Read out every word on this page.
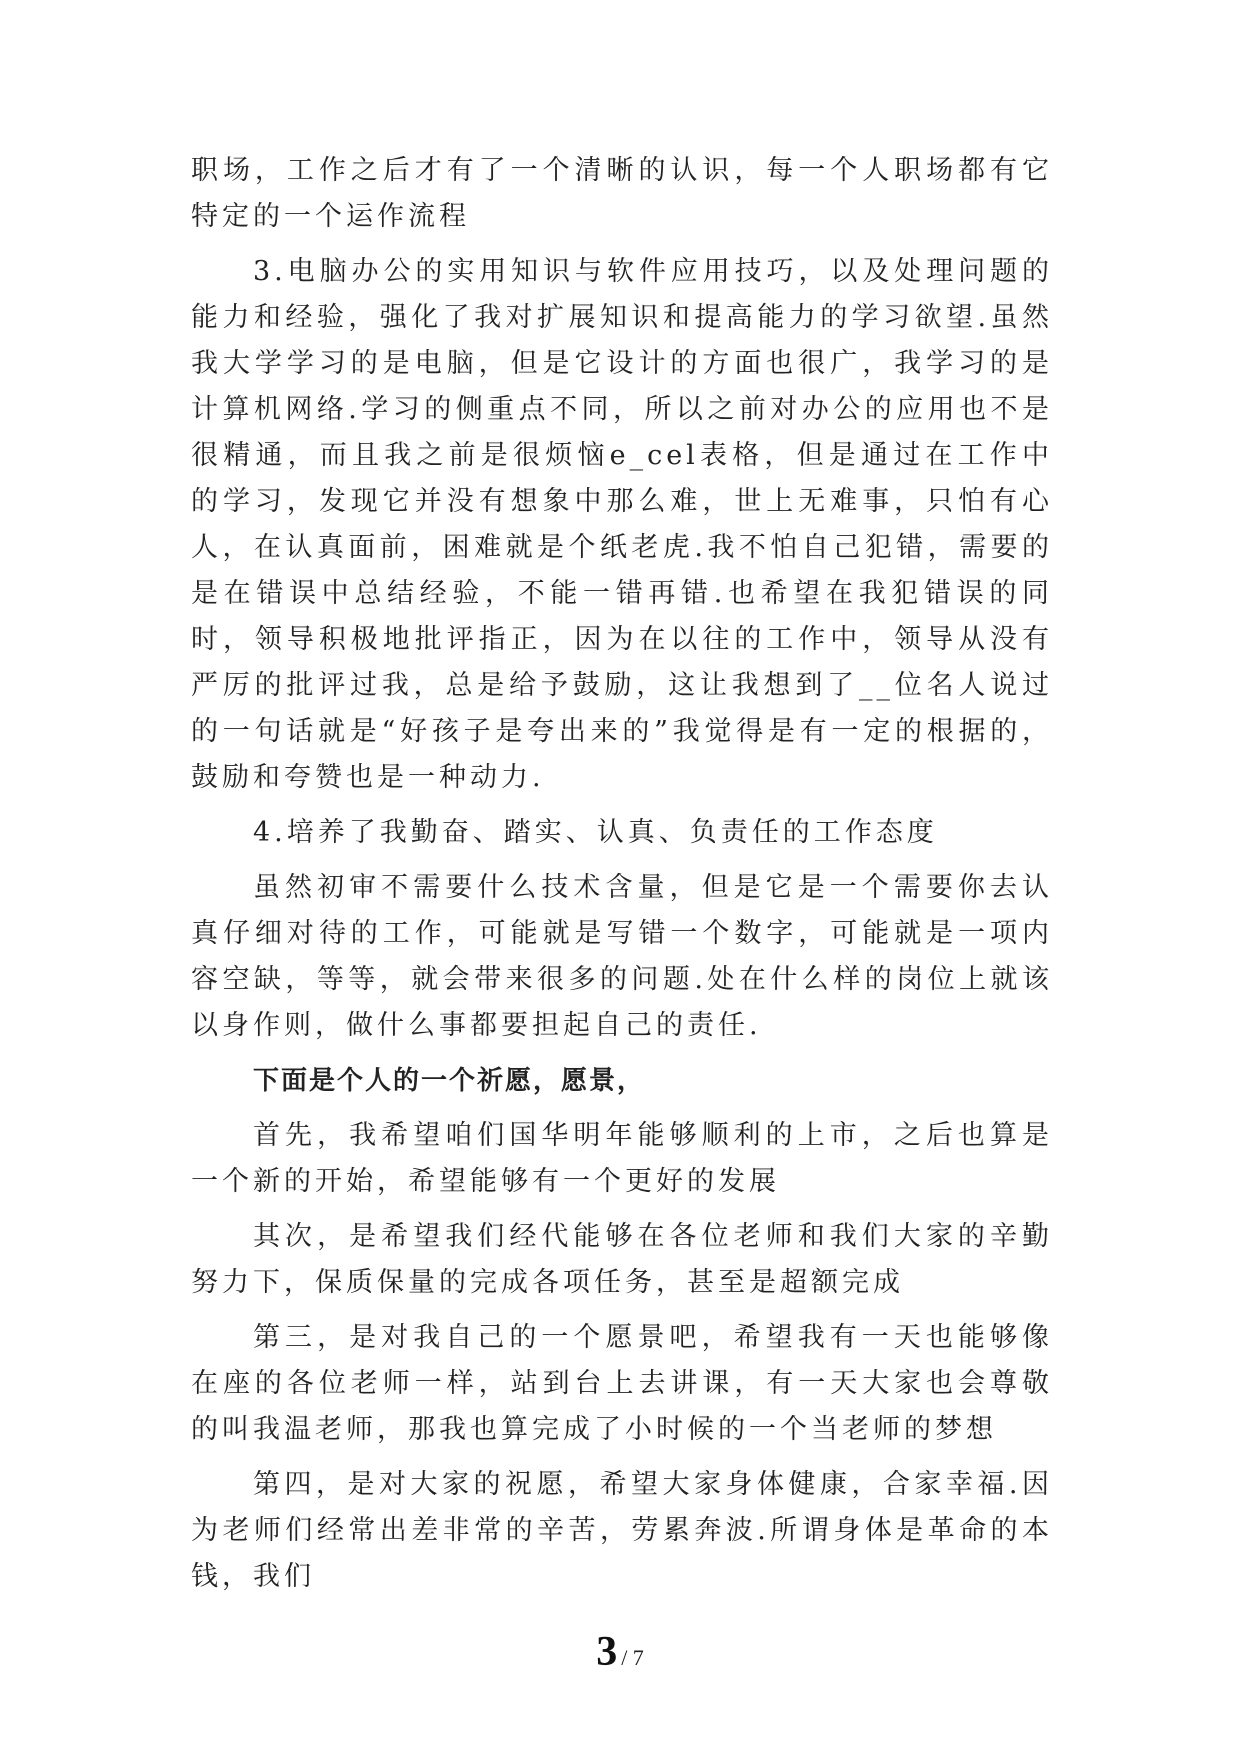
职场，工作之后才有了一个清晰的认识，每一个人职场都有它特定的一个运作流程

3.电脑办公的实用知识与软件应用技巧，以及处理问题的能力和经验，强化了我对扩展知识和提高能力的学习欲望.虽然我大学学习的是电脑，但是它设计的方面也很广，我学习的是计算机网络.学习的侧重点不同，所以之前对办公的应用也不是很精通，而且我之前是很烦恼e_cel表格，但是通过在工作中的学习，发现它并没有想象中那么难，世上无难事，只怕有心人，在认真面前，困难就是个纸老虎.我不怕自己犯错，需要的是在错误中总结经验，不能一错再错.也希望在我犯错误的同时，领导积极地批评指正，因为在以往的工作中，领导从没有严厉的批评过我，总是给予鼓励，这让我想到了__位名人说过的一句话就是“好孩子是夸出来的”我觉得是有一定的根据的，鼓励和夸赞也是一种动力.

4.培养了我勤奋、踏实、认真、负责任的工作态度

虽然初审不需要什么技术含量，但是它是一个需要你去认真仔细对待的工作，可能就是写错一个数字，可能就是一项内容空缺，等等，就会带来很多的问题.处在什么样的岗位上就该以身作则，做什么事都要担起自己的责任.

下面是个人的一个祈愿，愿景，

首先，我希望咱们国华明年能够顺利的上市，之后也算是一个新的开始，希望能够有一个更好的发展

其次，是希望我们经代能够在各位老师和我们大家的辛勤努力下，保质保量的完成各项任务，甚至是超额完成

第三，是对我自己的一个愿景吧，希望我有一天也能够像在座的各位老师一样，站到台上去讲课，有一天大家也会尊敬的叫我温老师，那我也算完成了小时候的一个当老师的梦想

第四，是对大家的祝愿，希望大家身体健康，合家幸福.因为老师们经常出差非常的辛苦，劳累奔波.所谓身体是革命的本钱，我们

3 / 7
